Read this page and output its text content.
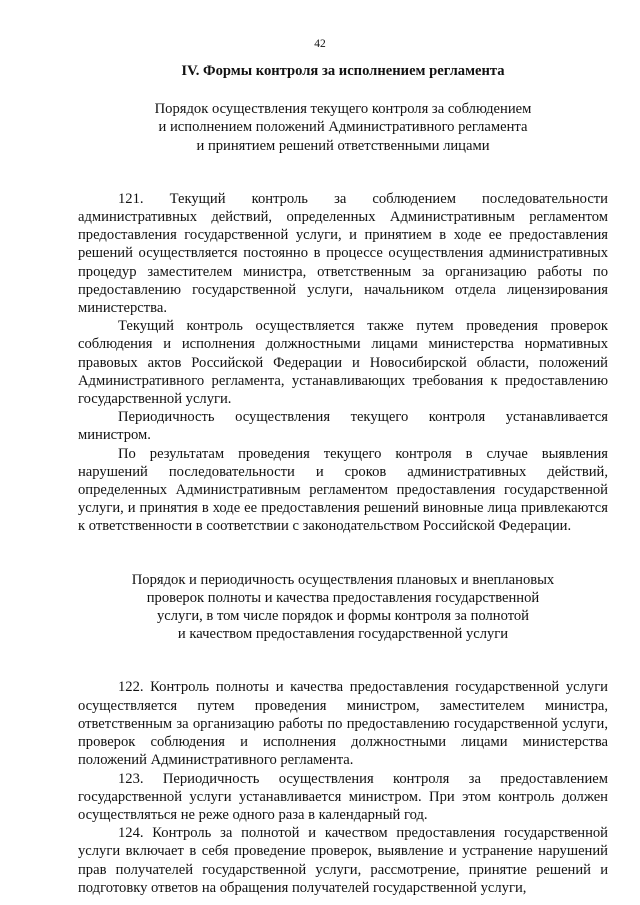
42

IV. Формы контроля за исполнением регламента

Порядок осуществления текущего контроля за соблюдением
и исполнением положений Административного регламента
и принятием решений ответственными лицами

121. Текущий контроль за соблюдением последовательности административных действий, определенных Административным регламентом предоставления государственной услуги, и принятием в ходе ее предоставления решений осуществляется постоянно в процессе осуществления административных процедур заместителем министра, ответственным за организацию работы по предоставлению государственной услуги, начальником отдела лицензирования министерства.

Текущий контроль осуществляется также путем проведения проверок соблюдения и исполнения должностными лицами министерства нормативных правовых актов Российской Федерации и Новосибирской области, положений Административного регламента, устанавливающих требования к предоставлению государственной услуги.

Периодичность осуществления текущего контроля устанавливается министром.

По результатам проведения текущего контроля в случае выявления нарушений последовательности и сроков административных действий, определенных Административным регламентом предоставления государственной услуги, и принятия в ходе ее предоставления решений виновные лица привлекаются к ответственности в соответствии с законодательством Российской Федерации.

Порядок и периодичность осуществления плановых и внеплановых
проверок полноты и качества предоставления государственной
услуги, в том числе порядок и формы контроля за полнотой
и качеством предоставления государственной услуги

122. Контроль полноты и качества предоставления государственной услуги осуществляется путем проведения министром, заместителем министра, ответственным за организацию работы по предоставлению государственной услуги, проверок соблюдения и исполнения должностными лицами министерства положений Административного регламента.

123. Периодичность осуществления контроля за предоставлением государственной услуги устанавливается министром. При этом контроль должен осуществляться не реже одного раза в календарный год.

124. Контроль за полнотой и качеством предоставления государственной услуги включает в себя проведение проверок, выявление и устранение нарушений прав получателей государственной услуги, рассмотрение, принятие решений и подготовку ответов на обращения получателей государственной услуги,
